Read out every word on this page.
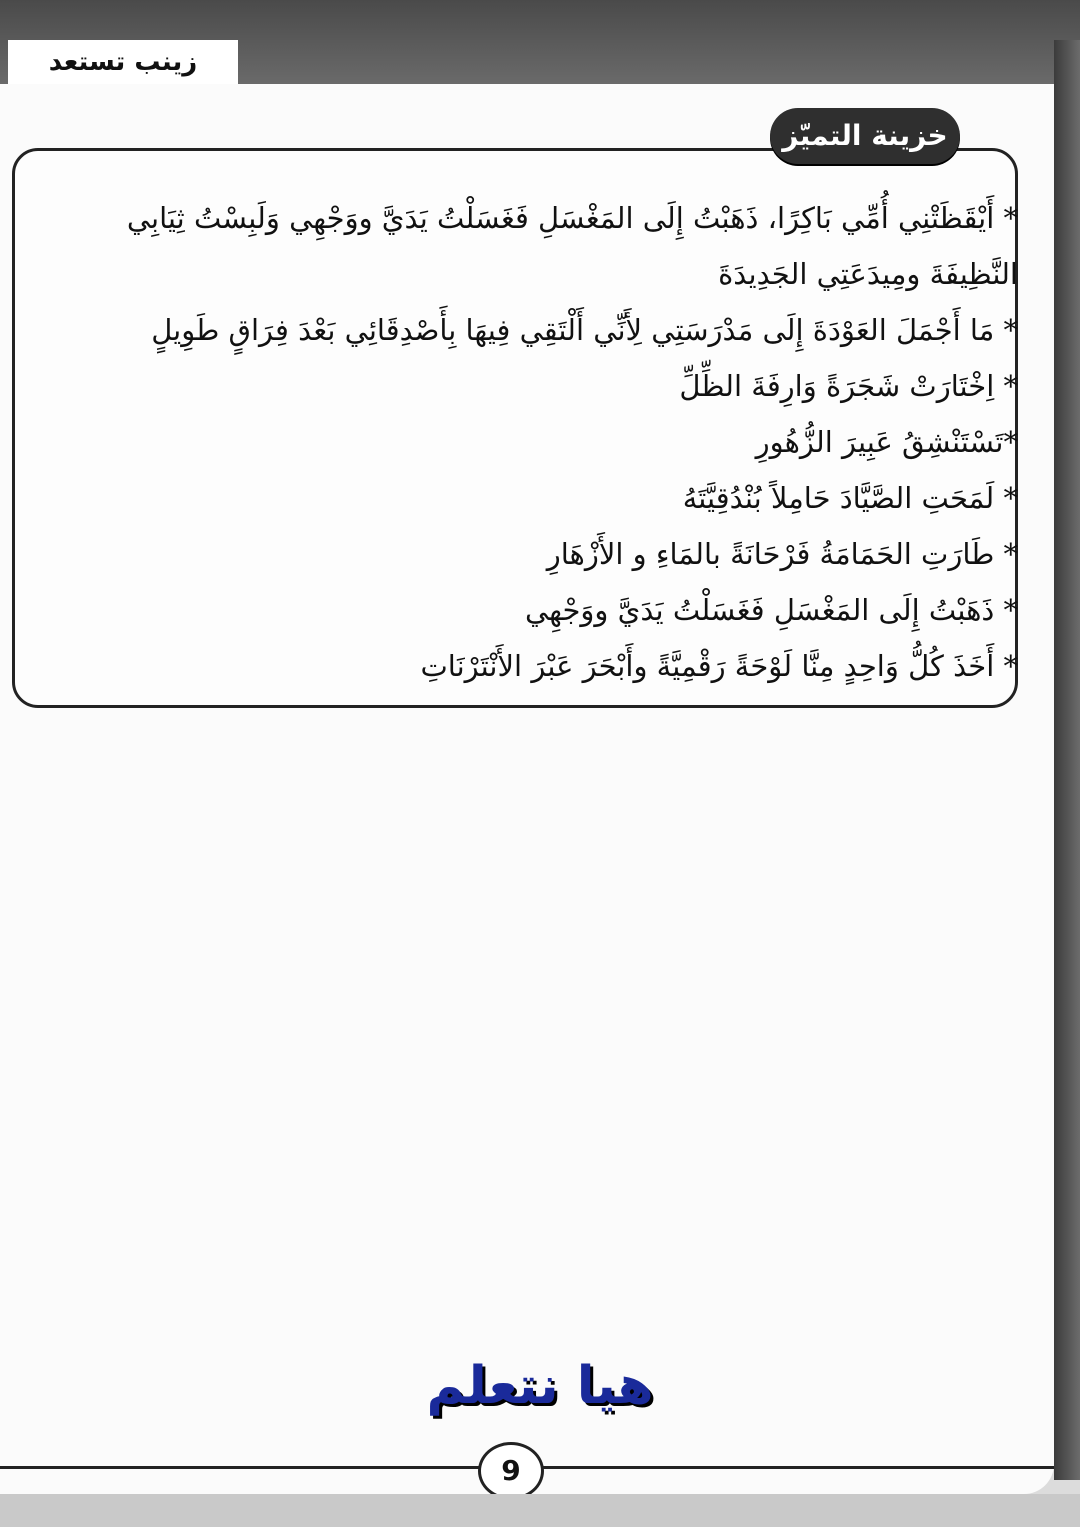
زينب تستعد
خزينة التميّز

* أَيْقَظَتْنِي أُمِّي بَاكِرًا، ذَهَبْتُ إِلَى المَغْسَلِ فَغَسَلْتُ يَدَيَّ ووَجْهِي وَلَبِسْتُ ثِيَابِي النَّظِيفَةَ ومِيدَعَتِي الجَدِيدَةَ

* مَا أَجْمَلَ العَوْدَةَ إِلَى مَدْرَسَتِي لِأَنِّي أَلْتَقِي فِيهَا بِأَصْدِقَائِي بَعْدَ فِرَاقٍ طَوِيلٍ

* اِخْتَارَتْ شَجَرَةً وَارِفَةَ الظِّلِّ

*تَسْتَنْشِقُ عَبِيرَ الزُّهُورِ

* لَمَحَتِ الصَّيَّادَ حَامِلاً بُنْدُقِيَّتَهُ

* طَارَتِ الحَمَامَةُ فَرْحَانَةً بالمَاءِ و الأَزْهَارِ

* ذَهَبْتُ إِلَى المَغْسَلِ فَغَسَلْتُ يَدَيَّ ووَجْهِي

* أَخَذَ كُلُّ وَاحِدٍ مِنَّا لَوْحَةً رَقْمِيَّةً وأَبْحَرَ عَبْرَ الأَنْتَرْنَاتِ

هيا نتعلم
9
